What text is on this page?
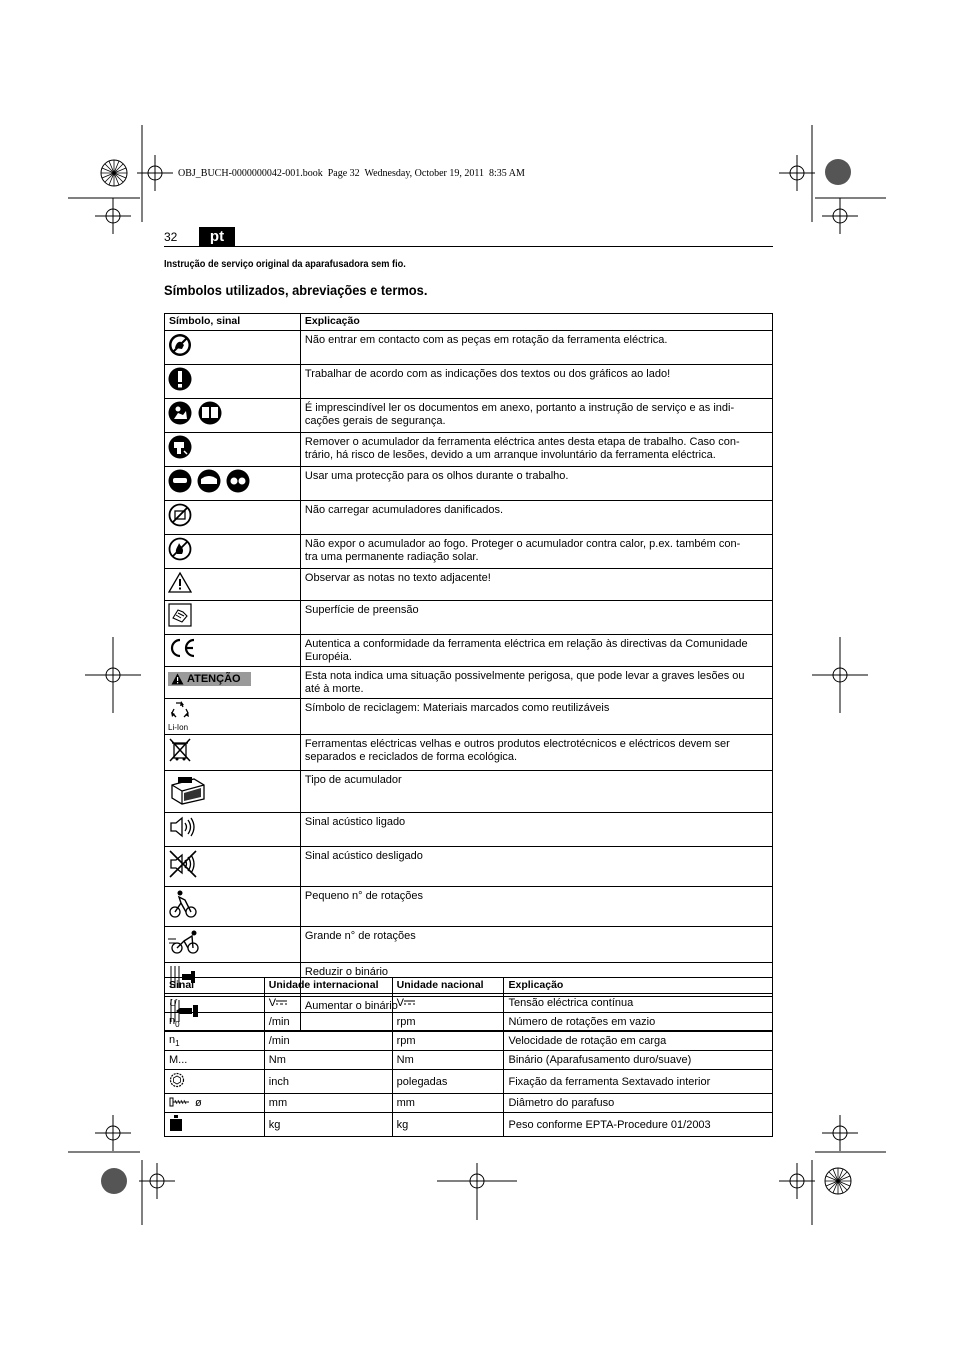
OBJ_BUCH-0000000042-001.book  Page 32  Wednesday, October 19, 2011  8:35 AM
32	pt
Instrução de serviço original da aparafusadora sem fio.
Símbolos utilizados, abreviações e termos.
Símbolo, sinal	Explicação
	Não entrar em contacto com as peças em rotação da ferramenta eléctrica.
	Trabalhar de acordo com as indicações dos textos ou dos gráficos ao lado!
	É imprescindível ler os documentos em anexo, portanto a instrução de serviço e as indi-
cações gerais de segurança.
	Remover o acumulador da ferramenta eléctrica antes desta etapa de trabalho. Caso con-
trário, há risco de lesões, devido a um arranque involuntário da ferramenta eléctrica.
	Usar uma protecção para os olhos durante o trabalho.
	Não carregar acumuladores danificados.
	Não expor o acumulador ao fogo. Proteger o acumulador contra calor, p.ex. também con-
tra uma permanente radiação solar.
	Observar as notas no texto adjacente!
	Superfície de preensão
	Autentica a conformidade da ferramenta eléctrica em relação às directivas da Comunidade
Européia.

ATENÇÃO	Esta nota indica uma situação possivelmente perigosa, que pode levar a graves lesões ou
até à morte.

Li-Ion	Símbolo de reciclagem: Materiais marcados como reutilizáveis
	Ferramentas eléctricas velhas e outros produtos electrotécnicos e eléctricos devem ser
separados e reciclados de forma ecológica.
	Tipo de acumulador
	Sinal acústico ligado
	Sinal acústico desligado
	Pequeno n° de rotações
	Grande n° de rotações
	Reduzir o binário
	Aumentar o binário
Sinal	Unidade internacional	Unidade nacional	Explicação
U	V	V	Tensão eléctrica contínua
$n_0$	/min	rpm	Número de rotações em vazio
$n_1$	/min	rpm	Velocidade de rotação em carga
M...	Nm	Nm	Binário (Aparafusamento duro/suave)
	inch	polegadas	Fixação da ferramenta Sextavado interior
ø	mm	mm	Diâmetro do parafuso
	kg	kg	Peso conforme EPTA-Procedure 01/2003
